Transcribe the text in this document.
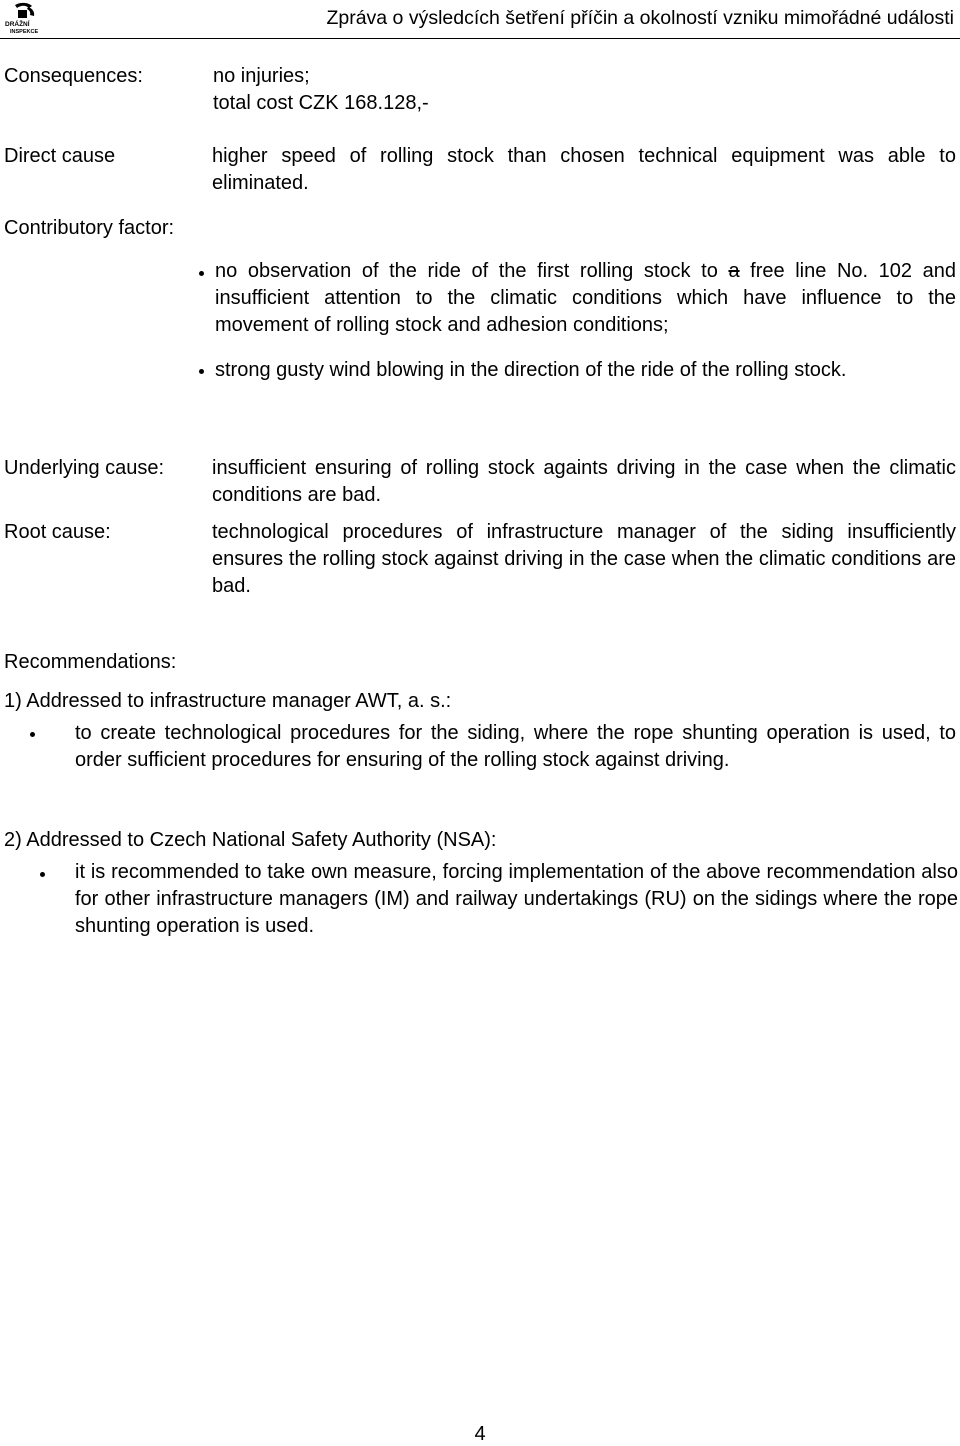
DRÁŽNÍ
INSPEKCE
Zpráva o výsledcích šetření příčin a okolností vzniku mimořádné události
Consequences:	no injuries;
total cost CZK 168.128,-
Direct cause	higher speed of rolling stock than chosen technical equipment was able to eliminated.
Contributory factor:
no observation of the ride of the first rolling stock to a free line No. 102 and insufficient attention to the climatic conditions which have influence to the movement of rolling stock and adhesion conditions;
strong gusty wind blowing in the direction of the ride of the rolling stock.
Underlying cause: insufficient ensuring of rolling stock againts driving in the case when the climatic conditions are bad.
Root cause:	technological procedures of infrastructure manager of the siding insufficiently ensures the rolling stock against driving in the case when the climatic conditions are bad.
Recommendations:
1) Addressed to infrastructure manager AWT, a. s.:
to create technological procedures for the siding, where the rope shunting operation is used, to order sufficient procedures for ensuring of the rolling stock against driving.
2) Addressed to Czech National Safety Authority (NSA):
it is recommended to take own measure, forcing implementation of the above recommendation also for other infrastructure managers (IM) and railway undertakings (RU) on the sidings where the rope shunting operation is used.
4
